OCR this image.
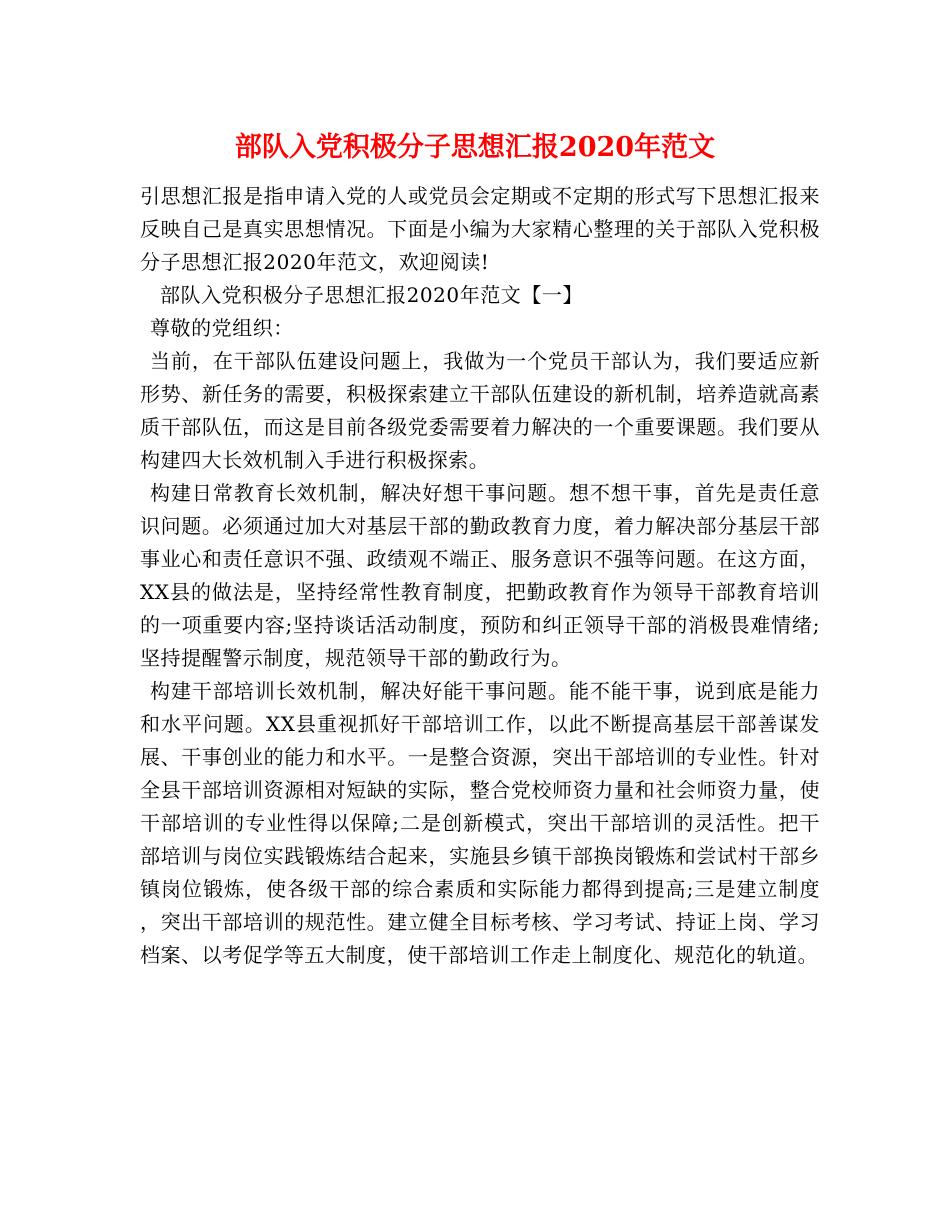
部队入党积极分子思想汇报2020年范文

引思想汇报是指申请入党的人或党员会定期或不定期的形式写下思想汇报来反映自己是真实思想情况。下面是小编为大家精心整理的关于部队入党积极分子思想汇报2020年范文，欢迎阅读!

部队入党积极分子思想汇报2020年范文【一】

尊敬的党组织：

当前，在干部队伍建设问题上，我做为一个党员干部认为，我们要适应新形势、新任务的需要，积极探索建立干部队伍建设的新机制，培养造就高素质干部队伍，而这是目前各级党委需要着力解决的一个重要课题。我们要从构建四大长效机制入手进行积极探索。

构建日常教育长效机制，解决好想干事问题。想不想干事，首先是责任意识问题。必须通过加大对基层干部的勤政教育力度，着力解决部分基层干部事业心和责任意识不强、政绩观不端正、服务意识不强等问题。在这方面，XX县的做法是，坚持经常性教育制度，把勤政教育作为领导干部教育培训的一项重要内容;坚持谈话活动制度，预防和纠正领导干部的消极畏难情绪;坚持提醒警示制度，规范领导干部的勤政行为。

构建干部培训长效机制，解决好能干事问题。能不能干事，说到底是能力和水平问题。XX县重视抓好干部培训工作，以此不断提高基层干部善谋发展、干事创业的能力和水平。一是整合资源，突出干部培训的专业性。针对全县干部培训资源相对短缺的实际，整合党校师资力量和社会师资力量，使干部培训的专业性得以保障;二是创新模式，突出干部培训的灵活性。把干部培训与岗位实践锻炼结合起来，实施县乡镇干部换岗锻炼和尝试村干部乡镇岗位锻炼，使各级干部的综合素质和实际能力都得到提高;三是建立制度，突出干部培训的规范性。建立健全目标考核、学习考试、持证上岗、学习档案、以考促学等五大制度，使干部培训工作走上制度化、规范化的轨道。
